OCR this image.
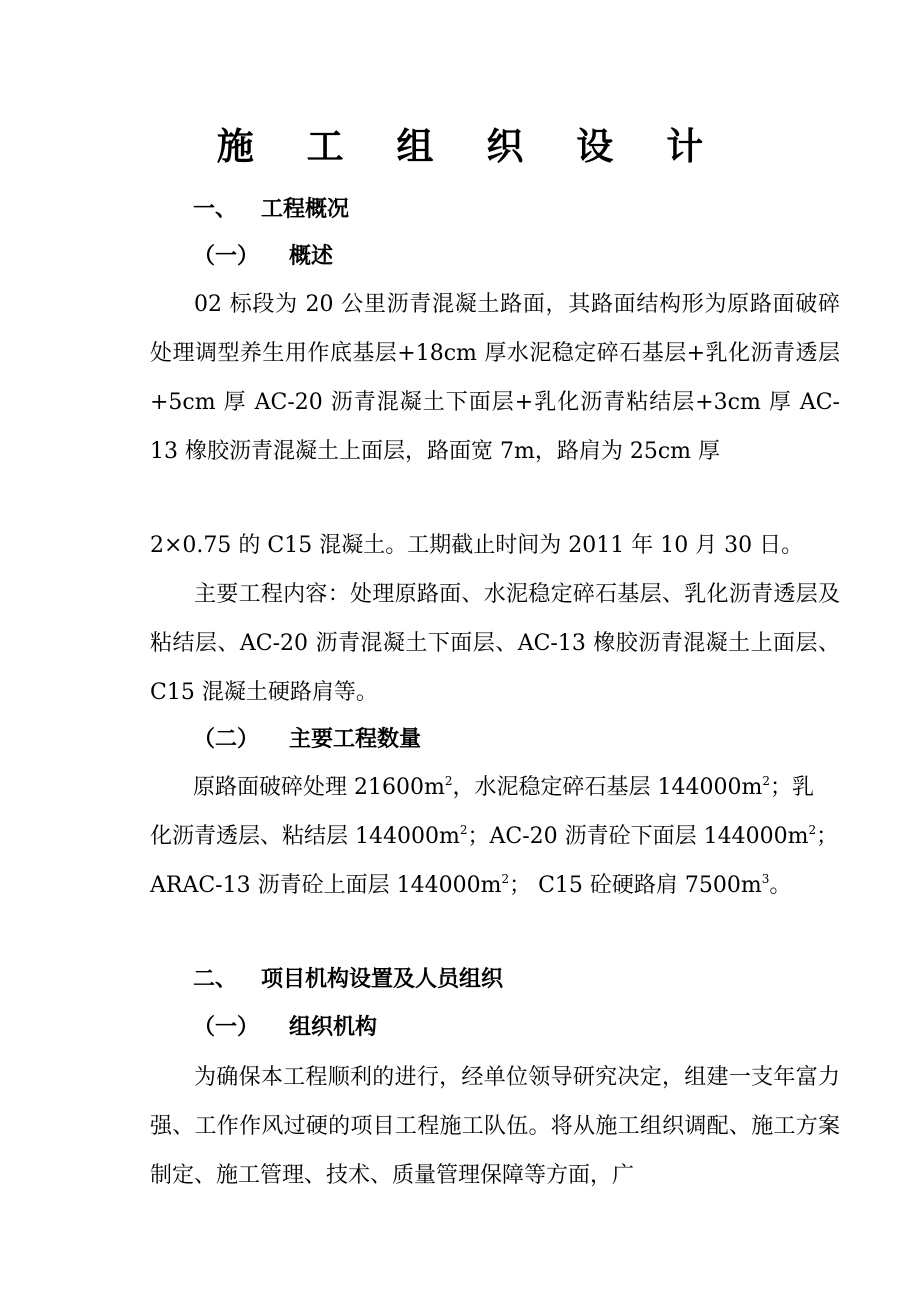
施 工 组 织 设 计
一、 工程概况
（一） 概述
02 标段为 20 公里沥青混凝土路面，其路面结构形为原路面破碎处理调型养生用作底基层+18cm 厚水泥稳定碎石基层+乳化沥青透层+5cm 厚 AC-20 沥青混凝土下面层+乳化沥青粘结层+3cm 厚 AC-13 橡胶沥青混凝土上面层，路面宽 7m，路肩为 25cm 厚
2×0.75 的 C15 混凝土。工期截止时间为 2011 年 10 月 30 日。
主要工程内容：处理原路面、水泥稳定碎石基层、乳化沥青透层及粘结层、AC-20 沥青混凝土下面层、AC-13 橡胶沥青混凝土上面层、C15 混凝土硬路肩等。
（二） 主要工程数量
原路面破碎处理 $21600m^2$，水泥稳定碎石基层 $144000m^2$；乳
化沥青透层、粘结层 $144000m^2$；AC-20 沥青砼下面层 $144000m^2$；
ARAC-13 沥青砼上面层 $144000m^2$； C15 砼硬路肩 $7500m^3$。
二、 项目机构设置及人员组织
（一） 组织机构
为确保本工程顺利的进行，经单位领导研究决定，组建一支年富力强、工作作风过硬的项目工程施工队伍。将从施工组织调配、施工方案制定、施工管理、技术、质量管理保障等方面，广
